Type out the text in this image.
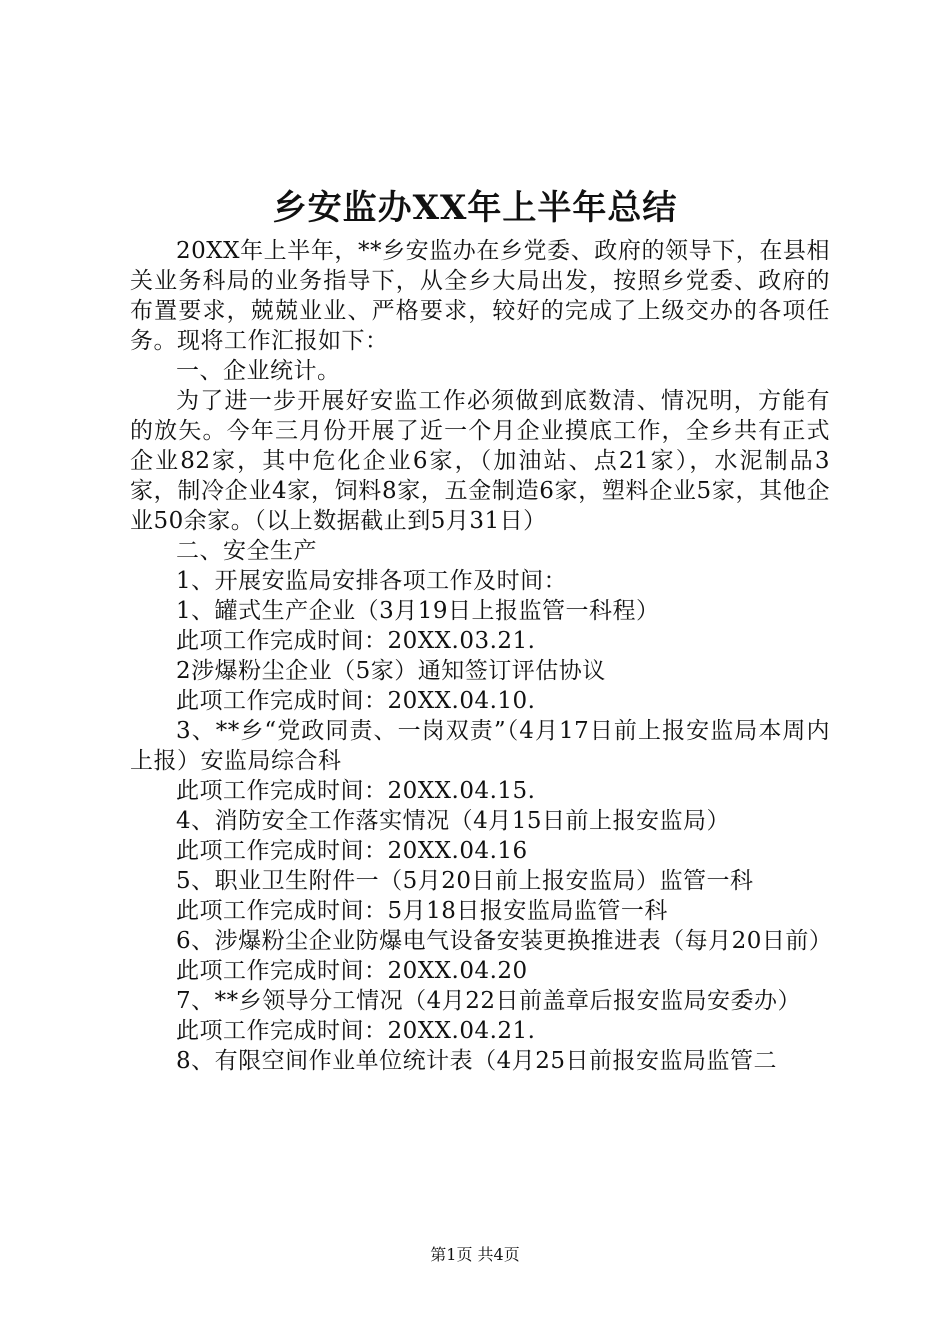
乡安监办XX年上半年总结

20XX年上半年，**乡安监办在乡党委、政府的领导下，在县相关业务科局的业务指导下，从全乡大局出发，按照乡党委、政府的布置要求，兢兢业业、严格要求，较好的完成了上级交办的各项任务。现将工作汇报如下：

一、企业统计。

为了进一步开展好安监工作必须做到底数清、情况明，方能有的放矢。今年三月份开展了近一个月企业摸底工作，全乡共有正式企业82家，其中危化企业6家，（加油站、点21家），水泥制品3家，制冷企业4家，饲料8家，五金制造6家，塑料企业5家，其他企业50余家。（以上数据截止到5月31日）

二、安全生产

1、开展安监局安排各项工作及时间：

1、罐式生产企业（3月19日上报监管一科程）

此项工作完成时间：20XX.03.21.

2涉爆粉尘企业（5家）通知签订评估协议

此项工作完成时间：20XX.04.10.

3、**乡“党政同责、一岗双责”（4月17日前上报安监局本周内上报）安监局综合科

此项工作完成时间：20XX.04.15.

4、消防安全工作落实情况（4月15日前上报安监局）

此项工作完成时间：20XX.04.16

5、职业卫生附件一（5月20日前上报安监局）监管一科

此项工作完成时间：5月18日报安监局监管一科

6、涉爆粉尘企业防爆电气设备安装更换推进表（每月20日前）

此项工作完成时间：20XX.04.20

7、**乡领导分工情况（4月22日前盖章后报安监局安委办）

此项工作完成时间：20XX.04.21.

8、有限空间作业单位统计表（4月25日前报安监局监管二

第1页 共4页
